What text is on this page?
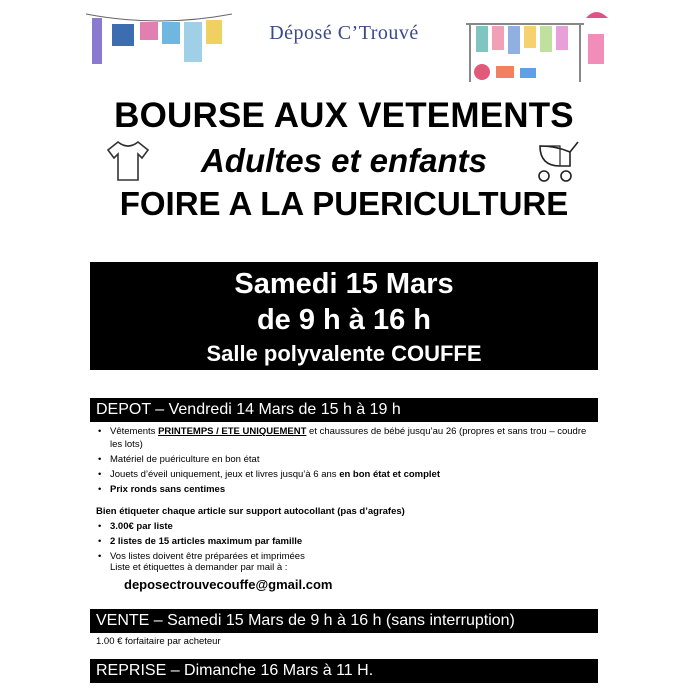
Déposé C’Trouvé
BOURSE AUX VETEMENTS
Adultes et enfants
FOIRE A LA PUERICULTURE
Samedi 15 Mars
de 9 h à 16 h
Salle polyvalente COUFFE
DEPOT – Vendredi 14 Mars de 15 h à 19 h
• Vêtements PRINTEMPS / ETE UNIQUEMENT et chaussures de bébé jusqu’au 26 (propres et sans trou – coudre les lots)
• Matériel de puériculture en bon état
• Jouets d’éveil uniquement, jeux et livres jusqu’à 6 ans en bon état et complet
• Prix ronds sans centimes
Bien étiqueter chaque article sur support autocollant (pas d’agrafes)
• 3.00€ par liste
• 2 listes de 15 articles maximum par famille
• Vos listes doivent être préparées et imprimées
Liste et étiquettes à demander par mail à :
deposectrouvecouffe@gmail.com
VENTE – Samedi 15 Mars de 9 h à 16 h (sans interruption)
1.00 € forfaitaire par acheteur
REPRISE – Dimanche 16 Mars à 11 H.
